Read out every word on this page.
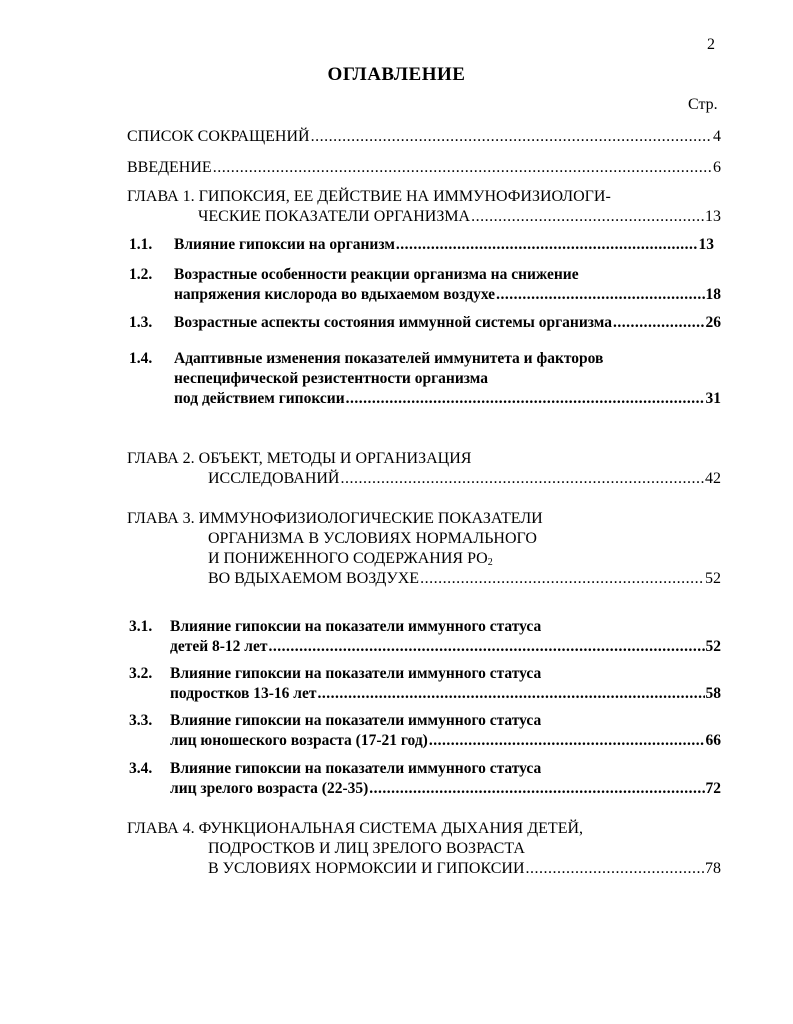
2
ОГЛАВЛЕНИЕ
Стр.
СПИСОК СОКРАЩЕНИЙ .....	4
ВВЕДЕНИЕ .....	6
ГЛАВА 1. ГИПОКСИЯ, ЕЕ ДЕЙСТВИЕ НА ИММУНОФИЗИОЛОГИ-
ЧЕСКИЕ ПОКАЗАТЕЛИ ОРГАНИЗМА .....	13
1.1. Влияние гипоксии на организм .....	13
1.2. Возрастные особенности реакции организма на снижение
напряжения кислорода во вдыхаемом воздухе .....	18
1.3. Возрастные аспекты состояния иммунной системы организма .....	26
1.4. Адаптивные изменения показателей иммунитета и факторов
неспецифической резистентности организма
под действием гипоксии .....	31
ГЛАВА 2. ОБЪЕКТ, МЕТОДЫ И ОРГАНИЗАЦИЯ
ИССЛЕДОВАНИЙ .....	42
ГЛАВА 3. ИММУНОФИЗИОЛОГИЧЕСКИЕ ПОКАЗАТЕЛИ
ОРГАНИЗМА В УСЛОВИЯХ НОРМАЛЬНОГО
И ПОНИЖЕННОГО СОДЕРЖАНИЯ $РО_2$
ВО ВДЫХАЕМОМ ВОЗДУХЕ .....	52
3.1. Влияние гипоксии на показатели иммунного статуса
детей 8-12 лет .....	52
3.2. Влияние гипоксии на показатели иммунного статуса
подростков 13-16 лет .....	58
3.3. Влияние гипоксии на показатели иммунного статуса
лиц юношеского возраста (17-21 год) .....	66
3.4. Влияние гипоксии на показатели иммунного статуса
лиц зрелого возраста (22-35) .....	72
ГЛАВА 4. ФУНКЦИОНАЛЬНАЯ СИСТЕМА ДЫХАНИЯ ДЕТЕЙ,
ПОДРОСТКОВ И ЛИЦ ЗРЕЛОГО ВОЗРАСТА
В УСЛОВИЯХ НОРМОКСИИ И ГИПОКСИИ .....	78
